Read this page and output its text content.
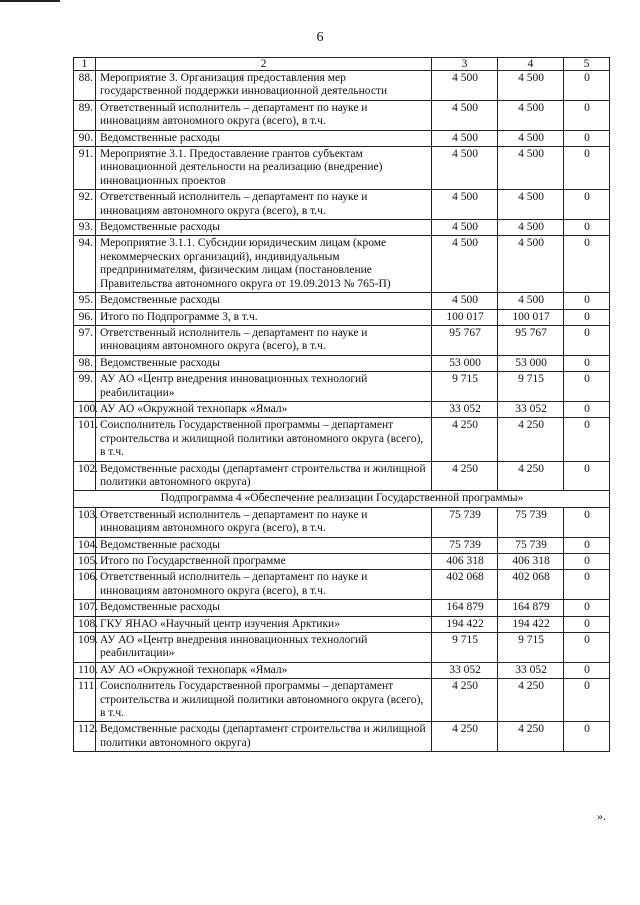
6
1	2	3	4	5
88.	Мероприятие 3. Организация предоставления мер государственной поддержки инновационной деятельности	4 500	4 500	0
89.	Ответственный исполнитель – департамент по науке и инновациям автономного округа (всего), в т.ч.	4 500	4 500	0
90.	Ведомственные расходы	4 500	4 500	0
91.	Мероприятие 3.1. Предоставление грантов субъектам инновационной деятельности на реализацию (внедрение) инновационных проектов	4 500	4 500	0
92.	Ответственный исполнитель – департамент по науке и инновациям автономного округа (всего), в т.ч.	4 500	4 500	0
93.	Ведомственные расходы	4 500	4 500	0
94.	Мероприятие 3.1.1. Субсидии юридическим лицам (кроме некоммерческих организаций), индивидуальным предпринимателям, физическим лицам (постановление Правительства автономного округа от 19.09.2013 № 765-П)	4 500	4 500	0
95.	Ведомственные расходы	4 500	4 500	0
96.	Итого по Подпрограмме 3, в т.ч.	100 017	100 017	0
97.	Ответственный исполнитель – департамент по науке и инновациям автономного округа (всего), в т.ч.	95 767	95 767	0
98.	Ведомственные расходы	53 000	53 000	0
99.	АУ АО «Центр внедрения инновационных технологий реабилитации»	9 715	9 715	0
100.	АУ АО «Окружной технопарк «Ямал»	33 052	33 052	0
101.	Соисполнитель Государственной программы – департамент строительства и жилищной политики автономного округа (всего), в т.ч.	4 250	4 250	0
102.	Ведомственные расходы (департамент строительства и жилищной политики автономного округа)	4 250	4 250	0
Подпрограмма 4 «Обеспечение реализации Государственной программы»				
103.	Ответственный исполнитель – департамент по науке и инновациям автономного округа (всего), в т.ч.	75 739	75 739	0
104.	Ведомственные расходы	75 739	75 739	0
105.	Итого по Государственной программе	406 318	406 318	0
106.	Ответственный исполнитель – департамент по науке и инновациям автономного округа (всего), в т.ч.	402 068	402 068	0
107.	Ведомственные расходы	164 879	164 879	0
108.	ГКУ ЯНАО «Научный центр изучения Арктики»	194 422	194 422	0
109.	АУ АО «Центр внедрения инновационных технологий реабилитации»	9 715	9 715	0
110.	АУ АО «Окружной технопарк «Ямал»	33 052	33 052	0
111.	Соисполнитель Государственной программы – департамент строительства и жилищной политики автономного округа (всего), в т.ч.	4 250	4 250	0
112.	Ведомственные расходы (департамент строительства и жилищной политики автономного округа)	4 250	4 250	0
».
